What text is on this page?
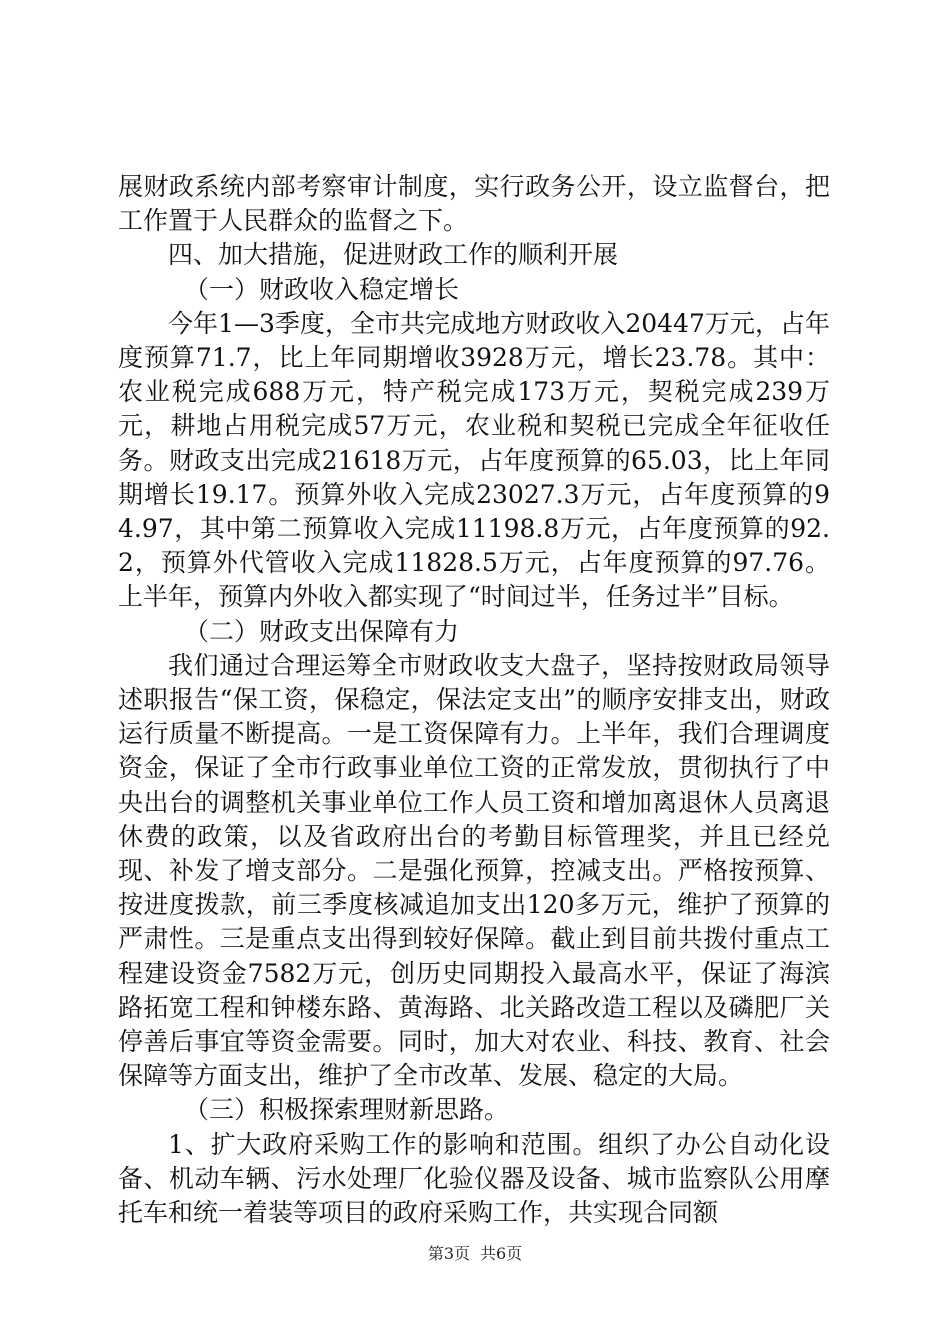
展财政系统内部考察审计制度，实行政务公开，设立监督台，把工作置于人民群众的监督之下。

四、加大措施，促进财政工作的顺利开展

（一）财政收入稳定增长

今年1—3季度，全市共完成地方财政收入20447万元，占年度预算71.7，比上年同期增收3928万元，增长23.78。其中：农业税完成688万元，特产税完成173万元，契税完成239万元，耕地占用税完成57万元，农业税和契税已完成全年征收任务。财政支出完成21618万元，占年度预算的65.03，比上年同期增长19.17。预算外收入完成23027.3万元，占年度预算的94.97，其中第二预算收入完成11198.8万元，占年度预算的92.2，预算外代管收入完成11828.5万元，占年度预算的97.76。上半年，预算内外收入都实现了“时间过半，任务过半”目标。

（二）财政支出保障有力

我们通过合理运筹全市财政收支大盘子，坚持按财政局领导述职报告“保工资，保稳定，保法定支出”的顺序安排支出，财政运行质量不断提高。一是工资保障有力。上半年，我们合理调度资金，保证了全市行政事业单位工资的正常发放，贯彻执行了中央出台的调整机关事业单位工作人员工资和增加离退休人员离退休费的政策，以及省政府出台的考勤目标管理奖，并且已经兑现、补发了增支部分。二是强化预算，控减支出。严格按预算、按进度拨款，前三季度核减追加支出120多万元，维护了预算的严肃性。三是重点支出得到较好保障。截止到目前共拨付重点工程建设资金7582万元，创历史同期投入最高水平，保证了海滨路拓宽工程和钟楼东路、黄海路、北关路改造工程以及磷肥厂关停善后事宜等资金需要。同时，加大对农业、科技、教育、社会保障等方面支出，维护了全市改革、发展、稳定的大局。

（三）积极探索理财新思路。

1、扩大政府采购工作的影响和范围。组织了办公自动化设备、机动车辆、污水处理厂化验仪器及设备、城市监察队公用摩托车和统一着装等项目的政府采购工作，共实现合同额

第3页 共6页
